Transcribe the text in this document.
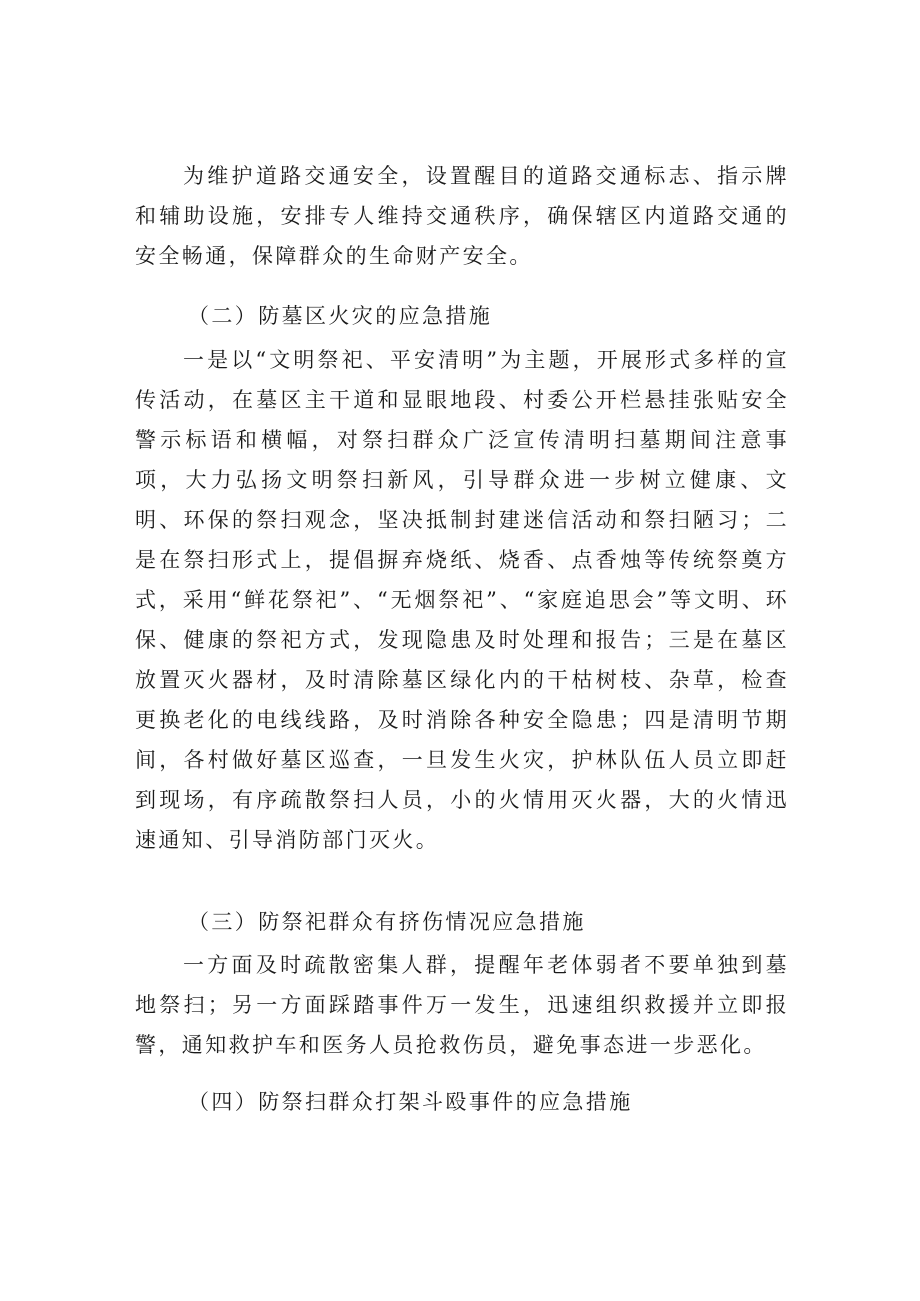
为维护道路交通安全，设置醒目的道路交通标志、指示牌和辅助设施，安排专人维持交通秩序，确保辖区内道路交通的安全畅通，保障群众的生命财产安全。

（二）防墓区火灾的应急措施

一是以“文明祭祀、平安清明”为主题，开展形式多样的宣传活动，在墓区主干道和显眼地段、村委公开栏悬挂张贴安全警示标语和横幅，对祭扫群众广泛宣传清明扫墓期间注意事项，大力弘扬文明祭扫新风，引导群众进一步树立健康、文明、环保的祭扫观念，坚决抵制封建迷信活动和祭扫陋习；二是在祭扫形式上，提倡摒弃烧纸、烧香、点香烛等传统祭奠方式，采用“鲜花祭祀”、“无烟祭祀”、“家庭追思会”等文明、环保、健康的祭祀方式，发现隐患及时处理和报告；三是在墓区放置灭火器材，及时清除墓区绿化内的干枯树枝、杂草，检查更换老化的电线线路，及时消除各种安全隐患；四是清明节期间，各村做好墓区巡查，一旦发生火灾，护林队伍人员立即赶到现场，有序疏散祭扫人员，小的火情用灭火器，大的火情迅速通知、引导消防部门灭火。

（三）防祭祀群众有挤伤情况应急措施

一方面及时疏散密集人群，提醒年老体弱者不要单独到墓地祭扫；另一方面踩踏事件万一发生，迅速组织救援并立即报警，通知救护车和医务人员抢救伤员，避免事态进一步恶化。

（四）防祭扫群众打架斗殴事件的应急措施
